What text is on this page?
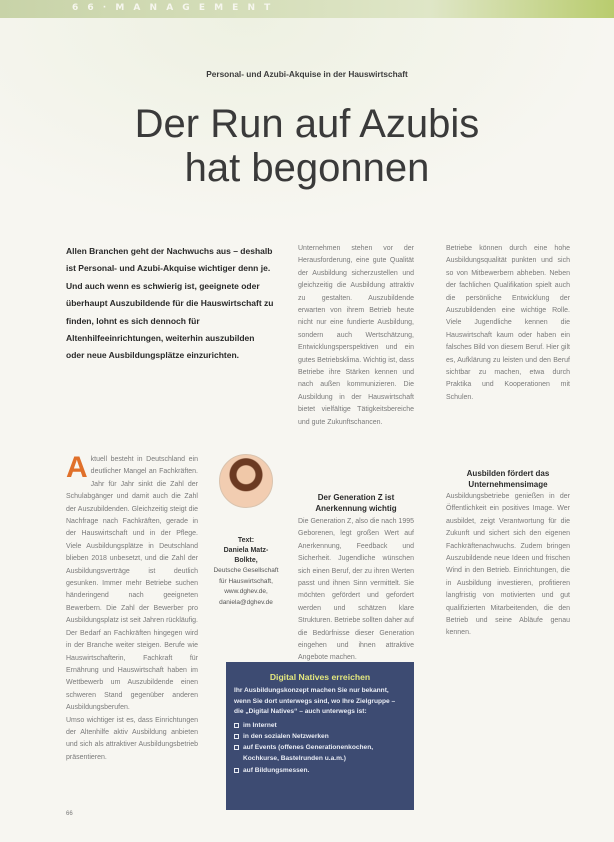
6 6 · M A N A G E M E N T
Personal- und Azubi-Akquise in der Hauswirtschaft
Der Run auf Azubis
hat begonnen

Allen Branchen geht der Nachwuchs aus – deshalb ist Personal- und Azubi-Akquise wichtiger denn je. Und auch wenn es schwierig ist, geeignete oder überhaupt Auszubildende für die Hauswirtschaft zu finden, lohnt es sich dennoch für Altenhilfeeinrichtungen, weiterhin auszubilden oder neue Ausbildungsplätze einzurichten.

A ktuell besteht in Deutschland ein deutlicher Mangel an Fachkräften. Jahr für Jahr sinkt die Zahl der Schulabgänger und damit auch die Zahl der Auszubildenden. Gleichzeitig steigt die Nachfrage nach Fachkräften, gerade in der Hauswirtschaft und in der Pflege. Viele Ausbildungsplätze in Deutschland blieben 2018 unbesetzt, und die Zahl der Ausbildungsverträge ist deutlich gesunken. Immer mehr Betriebe suchen händeringend nach geeigneten Bewerbern. Die Zahl der Bewerber pro Ausbildungsplatz ist seit Jahren rückläufig. Der Bedarf an Fachkräften hingegen wird in der Branche weiter steigen. Berufe wie Hauswirtschafterin, Fachkraft für Ernährung und Hauswirtschaft haben im Wettbewerb um Auszubildende einen schweren Stand gegenüber anderen Ausbildungsberufen.

Umso wichtiger ist es, dass Einrichtungen der Altenhilfe aktiv Ausbildung anbieten und sich als attraktiver Ausbildungsbetrieb präsentieren.

Text:
Daniela Matz-Bolkte,
Deutsche Gesellschaft für Hauswirtschaft,
www.dghev.de,
daniela@dghev.de

Unternehmen stehen vor der Herausforderung, eine gute Qualität der Ausbildung sicherzustellen und gleichzeitig die Ausbildung attraktiv zu gestalten. Auszubildende erwarten von ihrem Betrieb heute nicht nur eine fundierte Ausbildung, sondern auch Wertschätzung, Entwicklungsperspektiven und ein gutes Betriebsklima. Wichtig ist, dass Betriebe ihre Stärken kennen und nach außen kommunizieren. Die Ausbildung in der Hauswirtschaft bietet vielfältige Tätigkeitsbereiche und gute Zukunftschancen.

Der Generation Z ist Anerkennung wichtig

Die Generation Z, also die nach 1995 Geborenen, legt großen Wert auf Anerkennung, Feedback und Sicherheit. Jugendliche wünschen sich einen Beruf, der zu ihren Werten passt und ihnen Sinn vermittelt. Sie möchten gefördert und gefordert werden und schätzen klare Strukturen. Betriebe sollten daher auf die Bedürfnisse dieser Generation eingehen und ihnen attraktive Angebote machen.

Betriebe können durch eine hohe Ausbildungsqualität punkten und sich so von Mitbewerbern abheben. Neben der fachlichen Qualifikation spielt auch die persönliche Entwicklung der Auszubildenden eine wichtige Rolle. Viele Jugendliche kennen die Hauswirtschaft kaum oder haben ein falsches Bild von diesem Beruf. Hier gilt es, Aufklärung zu leisten und den Beruf sichtbar zu machen, etwa durch Praktika und Kooperationen mit Schulen.

Ausbilden fördert das Unternehmensimage

Ausbildungsbetriebe genießen in der Öffentlichkeit ein positives Image. Wer ausbildet, zeigt Verantwortung für die Zukunft und sichert sich den eigenen Fachkräftenachwuchs. Zudem bringen Auszubildende neue Ideen und frischen Wind in den Betrieb. Einrichtungen, die in Ausbildung investieren, profitieren langfristig von motivierten und gut qualifizierten Mitarbeitenden, die den Betrieb und seine Abläufe genau kennen.

Digital Natives erreichen
Ihr Ausbildungskonzept machen Sie nur bekannt, wenn Sie dort unterwegs sind, wo Ihre Zielgruppe – die „Digital Natives“ – auch unterwegs ist:
im Internet
in den sozialen Netzwerken
auf Events (offenes Generationenkochen, Kochkurse, Bastelrunden u.a.m.)
auf Bildungsmessen.
66
